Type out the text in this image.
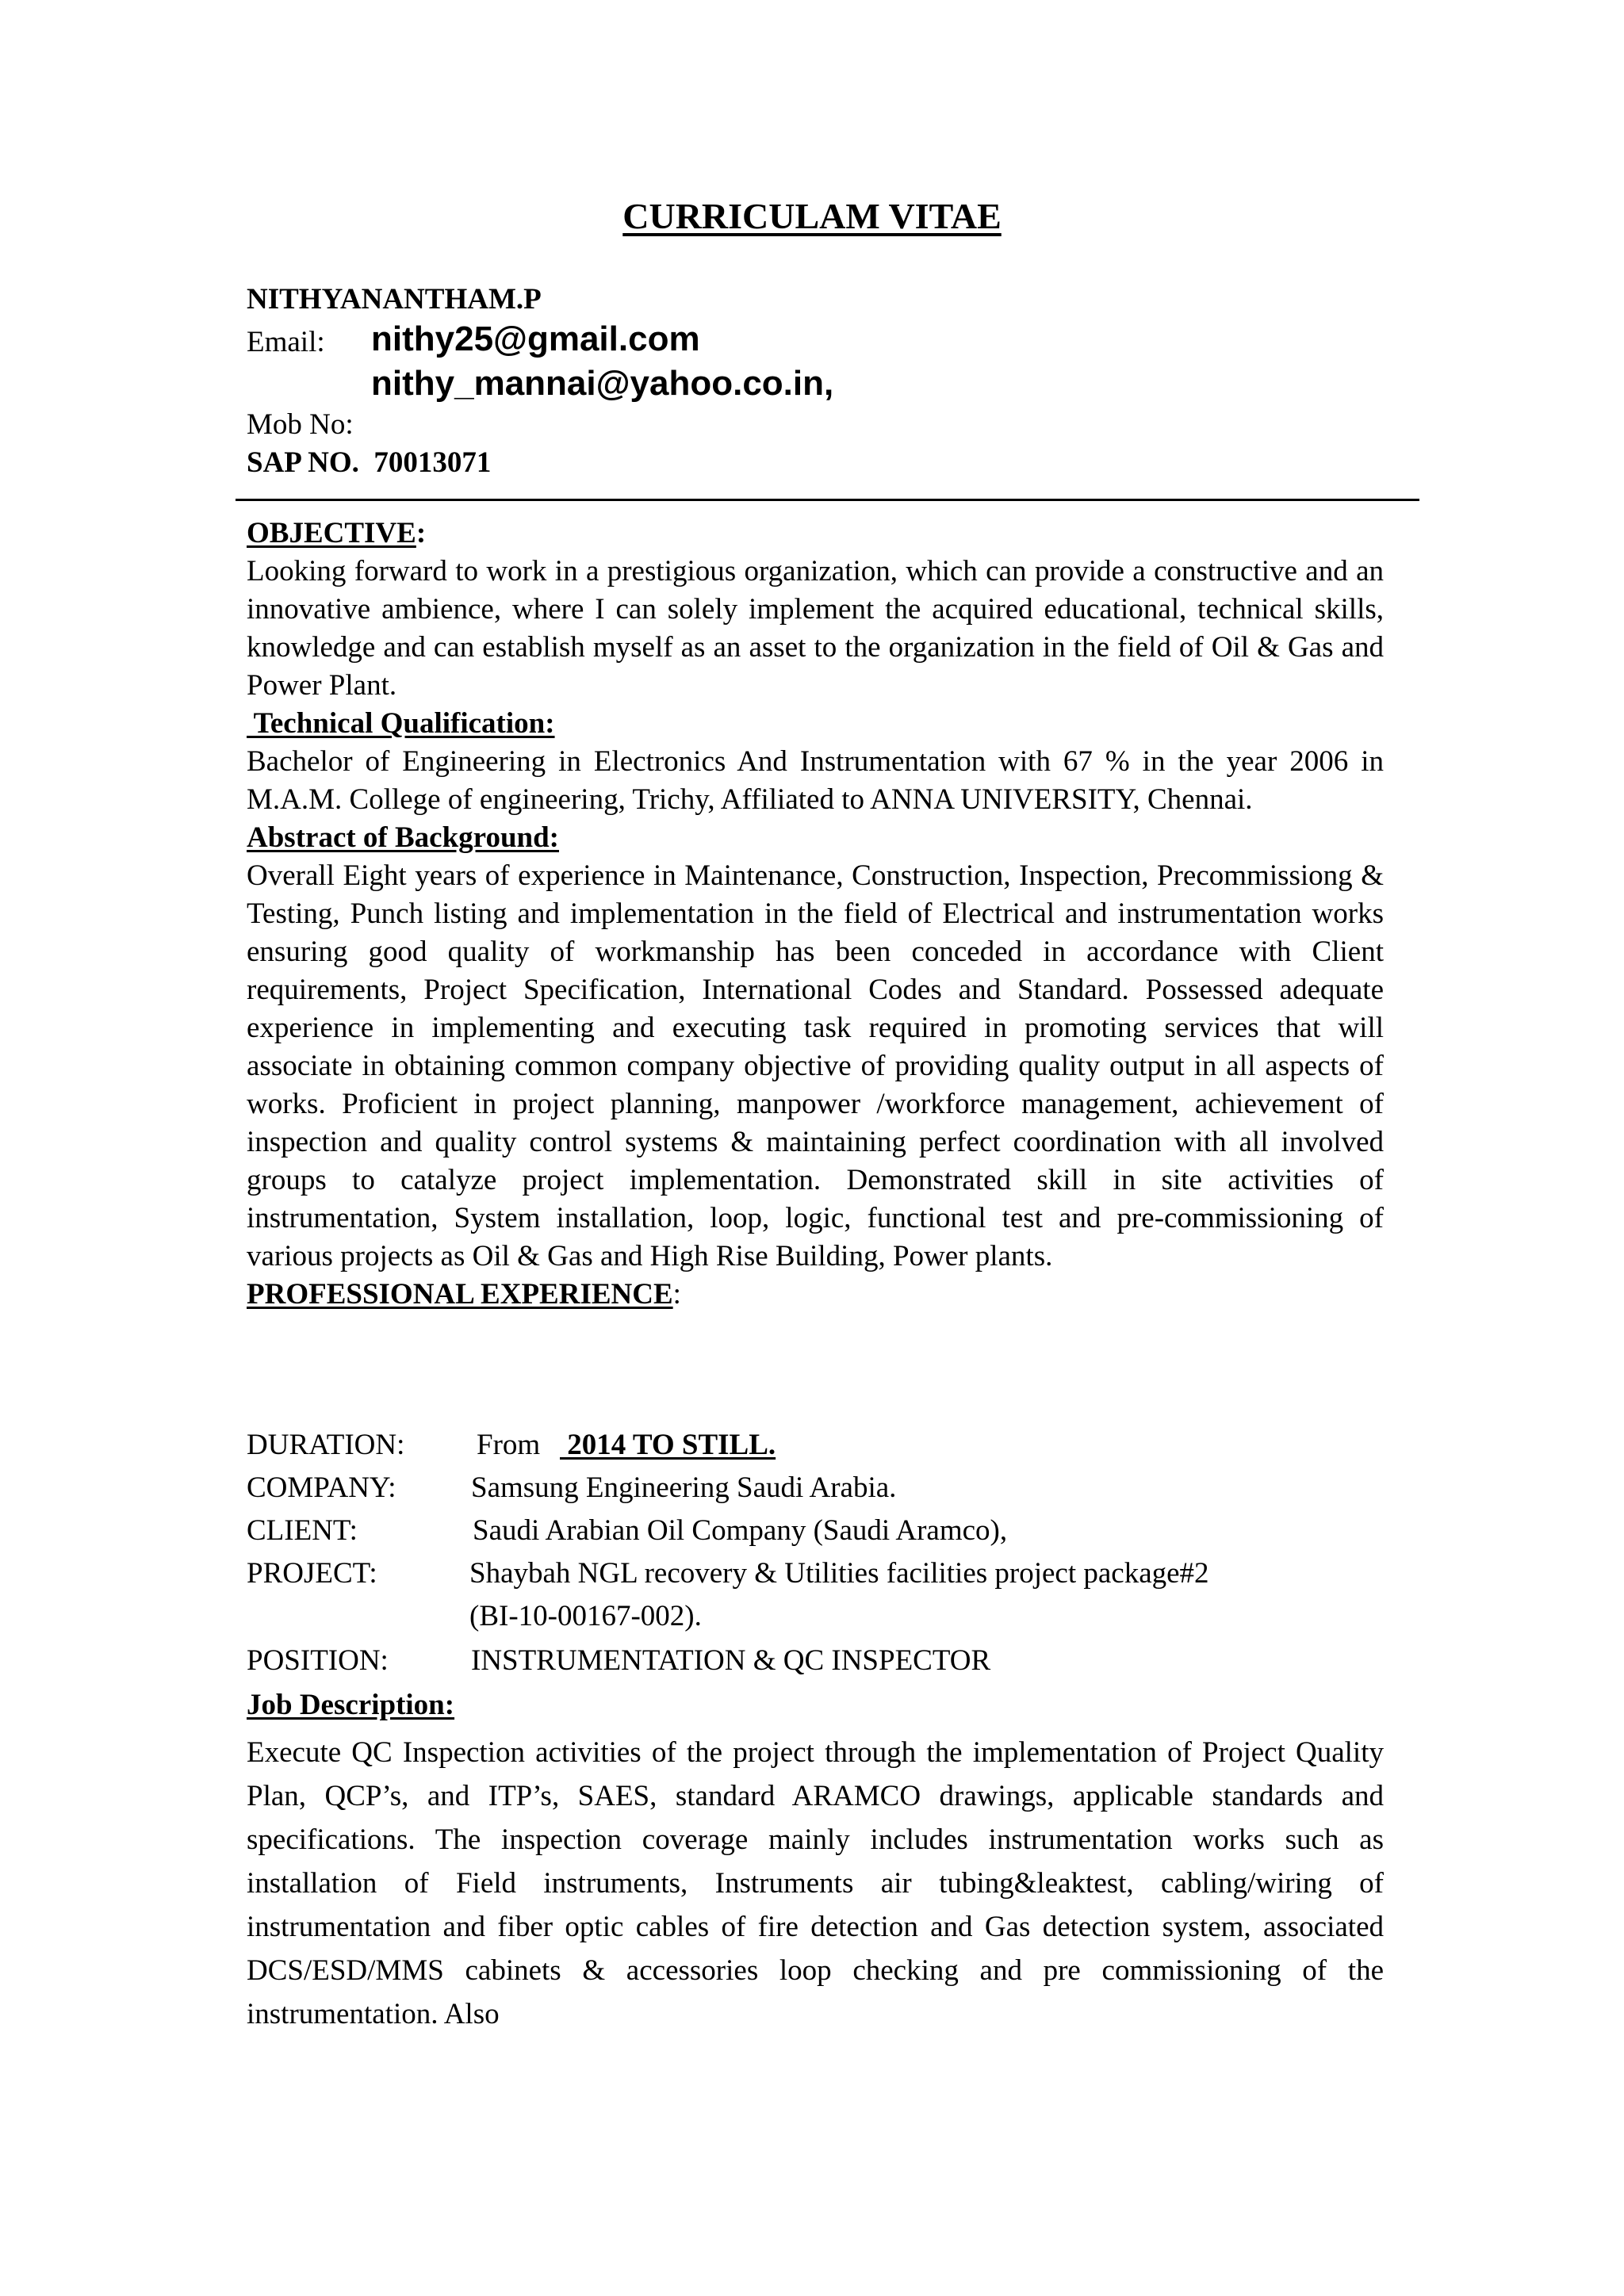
CURRICULAM VITAE
NITHYANANTHAM.P
Email: nithy25@gmail.com
nithy_mannai@yahoo.co.in,
Mob No:
SAP NO. 70013071

OBJECTIVE:

Looking forward to work in a prestigious organization, which can provide a constructive and an innovative ambience, where I can solely implement the acquired educational, technical skills, knowledge and can establish myself as an asset to the organization in the field of Oil & Gas and Power Plant.

Technical Qualification:

Bachelor of Engineering in Electronics And Instrumentation with 67 % in the year 2006 in M.A.M. College of engineering, Trichy, Affiliated to ANNA UNIVERSITY, Chennai.

Abstract of Background:

Overall Eight years of experience in Maintenance, Construction, Inspection, Precommissiong & Testing, Punch listing and implementation in the field of Electrical and instrumentation works ensuring good quality of workmanship has been conceded in accordance with Client requirements, Project Specification, International Codes and Standard. Possessed adequate experience in implementing and executing task required in promoting services that will associate in obtaining common company objective of providing quality output in all aspects of works. Proficient in project planning, manpower /workforce management, achievement of inspection and quality control systems & maintaining perfect coordination with all involved groups to catalyze project implementation. Demonstrated skill in site activities of instrumentation, System installation, loop, logic, functional test and pre-commissioning of various projects as Oil & Gas and High Rise Building, Power plants.

PROFESSIONAL EXPERIENCE:

DURATION: From 2014 TO STILL.
COMPANY:	Samsung Engineering Saudi Arabia.
CLIENT:	Saudi Arabian Oil Company (Saudi Aramco),
PROJECT:	Shaybah NGL recovery & Utilities facilities project package#2
(BI-10-00167-002).
POSITION:	INSTRUMENTATION & QC INSPECTOR
Job Description:

Execute QC Inspection activities of the project through the implementation of Project Quality Plan, QCP’s, and ITP’s, SAES, standard ARAMCO drawings, applicable standards and specifications. The inspection coverage mainly includes instrumentation works such as installation of Field instruments, Instruments air tubing&leaktest, cabling/wiring of instrumentation and fiber optic cables of fire detection and Gas detection system, associated DCS/ESD/MMS cabinets & accessories loop checking and pre commissioning of the instrumentation. Also
